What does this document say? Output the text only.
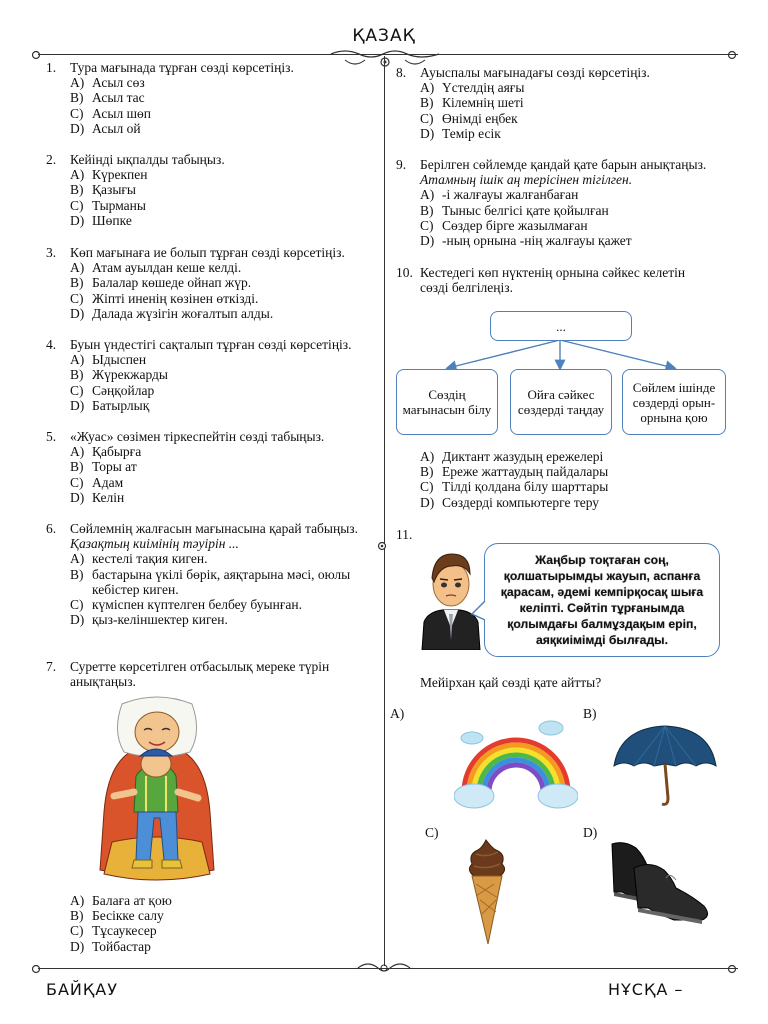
ҚАЗАҚ
1. Тура мағынада тұрған сөзді көрсетіңіз.
A) Асыл сөз
B) Асыл тас
C) Асыл шөп
D) Асыл ой
2. Кейінді ықпалды табыңыз.
A) Күрекпен
B) Қазығы
C) Тырманы
D) Шөпке
3. Көп мағынаға ие болып тұрған сөзді көрсетіңіз.
A) Атам ауылдан кеше келді.
B) Балалар көшеде ойнап жүр.
C) Жіпті иненің көзінен өткізді.
D) Далада жүзігін жоғалтып алды.
4. Буын үндестігі сақталып тұрған сөзді көрсетіңіз.
A) Ыдыспен
B) Жүрекжарды
C) Сәңқойлар
D) Батырлық
5. «Жуас» сөзімен тіркеспейтін сөзді табыңыз.
A) Қабырға
B) Торы ат
C) Адам
D) Келін
6. Сөйлемнің жалғасын мағынасына қарай табыңыз.
Қазақтың киімінің тәуірін ...
A) кестелі тақия киген.
B) бастарына үкілі бөрік, аяқтарына мәсі, оюлы кебістер киген.
C) күміспен күптелген белбеу буынған.
D) қыз-келіншектер киген.
7. Суретте көрсетілген отбасылық мереке түрін анықтаңыз.
A) Балаға ат қою
B) Бесікке салу
C) Тұсаукесер
D) Тойбастар
8. Ауыспалы мағынадағы сөзді көрсетіңіз.
A) Үстелдің аяғы
B) Кілемнің шеті
C) Өнімді еңбек
D) Темір есік
9. Берілген сөйлемде қандай қате барын анықтаңыз.
Атамның ішік аң терісінен тігілген.
A) -і жалғауы жалғанбаған
B) Тыныс белгісі қате қойылған
C) Сөздер бірге жазылмаған
D) -ның орнына -нің жалғауы қажет
10. Кестедегі көп нүктенің орнына сәйкес келетін сөзді белгілеңіз.
...
Сөздің мағынасын білу
Ойға сәйкес сөздерді таңдау
Сөйлем ішінде сөздерді орын-орнына қою
A) Диктант жазудың ережелері
B) Ереже жаттаудың пайдалары
C) Тілді қолдана білу шарттары
D) Сөздерді компьютерге теру
11.
Жаңбыр тоқтаған соң, қолшатырымды жауып, аспанға қарасам, әдемі кемпірқосақ шыға келіпті. Сөйтіп тұрғанымда қолымдағы балмұздақым еріп, аяқкиімімді былғады.
Мейірхан қай сөзді қате айтты?
A)	B)
C)	D)
БАЙҚАУ	НҰСҚА –
